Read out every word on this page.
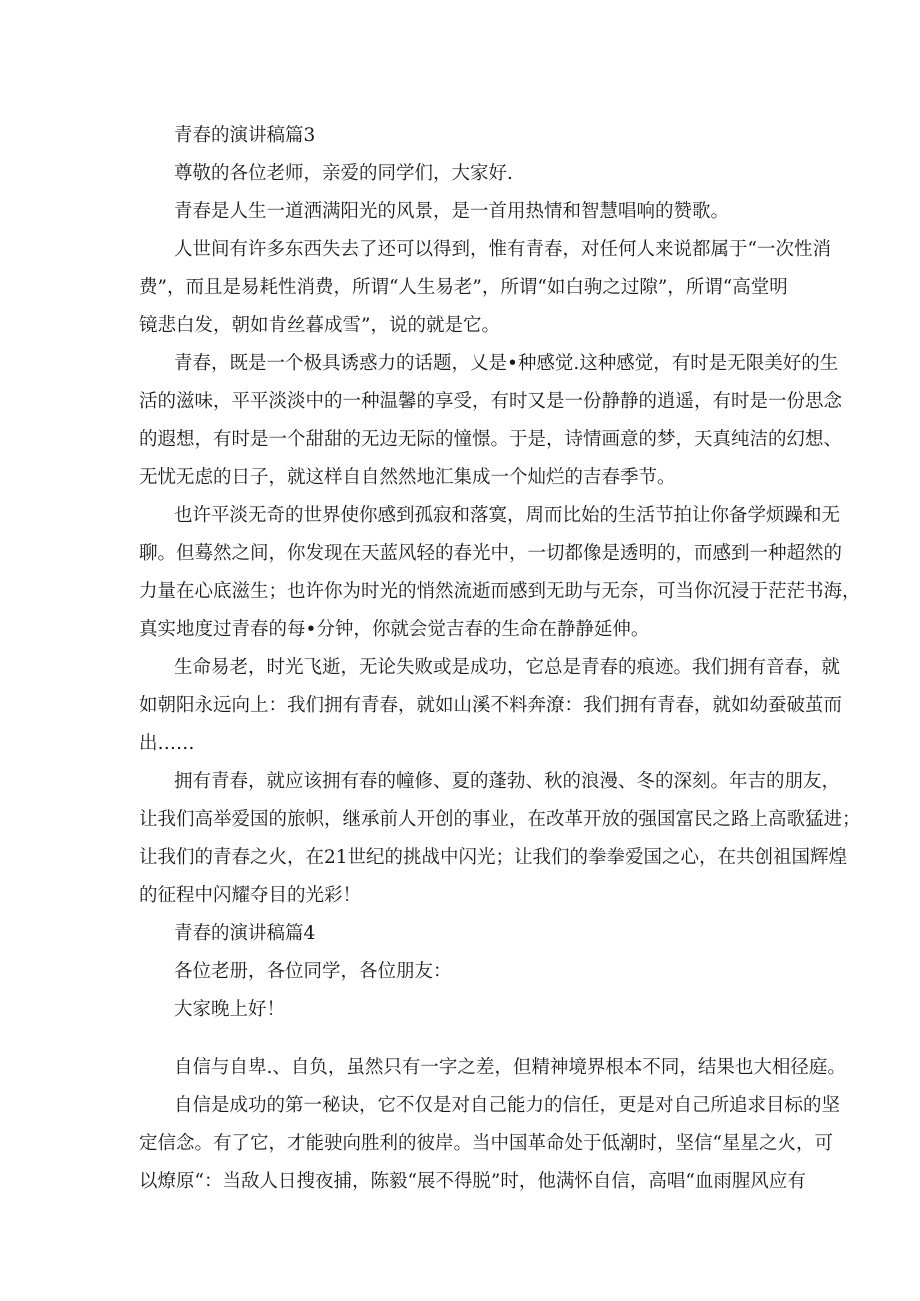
青春的演讲稿篇3

尊敬的各位老师，亲爱的同学们，大家好.

青春是人生一道洒满阳光的风景，是一首用热情和智慧唱响的赞歌。

人世间有许多东西失去了还可以得到，惟有青春，对任何人来说都属于“一次性消
费”，而且是易耗性消费，所谓“人生易老”，所谓“如白驹之过隙”，所谓“高堂明
镜悲白发，朝如肯丝暮成雪”，说的就是它。

青春，既是一个极具诱惑力的话题，乂是•种感觉.这种感觉，有时是无限美好的生
活的滋味，平平淡淡中的一种温馨的享受，有时又是一份静静的逍遥，有时是一份思念
的遐想，有时是一个甜甜的无边无际的憧憬。于是，诗情画意的梦，天真纯洁的幻想、
无忧无虑的日子，就这样自自然然地汇集成一个灿烂的吉春季节。

也许平淡无奇的世界使你感到孤寂和落寞，周而比始的生活节拍让你备学烦躁和无
聊。但蓦然之间，你发现在天蓝风轻的春光中，一切都像是透明的，而感到一种超然的
力量在心底滋生；也许你为时光的悄然流逝而感到无助与无奈，可当你沉浸于茫茫书海，
真实地度过青春的每•分钟，你就会觉吉春的生命在静静延伸。

生命易老，时光飞逝，无论失败或是成功，它总是青春的痕迹。我们拥有音春，就
如朝阳永远向上：我们拥有青春，就如山溪不料奔潦：我们拥有青春，就如幼蚕破茧而
出……

拥有青春，就应该拥有春的幢修、夏的蓬勃、秋的浪漫、冬的深刻。年吉的朋友，
让我们高举爱国的旅帜，继承前人开创的事业，在改革开放的强国富民之路上高歌猛进；
让我们的青春之火，在21世纪的挑战中闪光；让我们的拳拳爱国之心，在共创祖国辉煌
的征程中闪耀夺目的光彩！

青春的演讲稿篇4

各位老册，各位同学，各位朋友：

大家晚上好！

自信与自卑.、自负，虽然只有一字之差，但精神境界根本不同，结果也大相径庭。

自信是成功的第一秘诀，它不仅是对自己能力的信任，更是对自己所追求目标的坚
定信念。有了它，才能驶向胜利的彼岸。当中国革命处于低潮时，坚信“星星之火，可
以燎原“：当敌人日搜夜捕，陈毅“展不得脱”时，他满怀自信，高唱“血雨腥风应有
